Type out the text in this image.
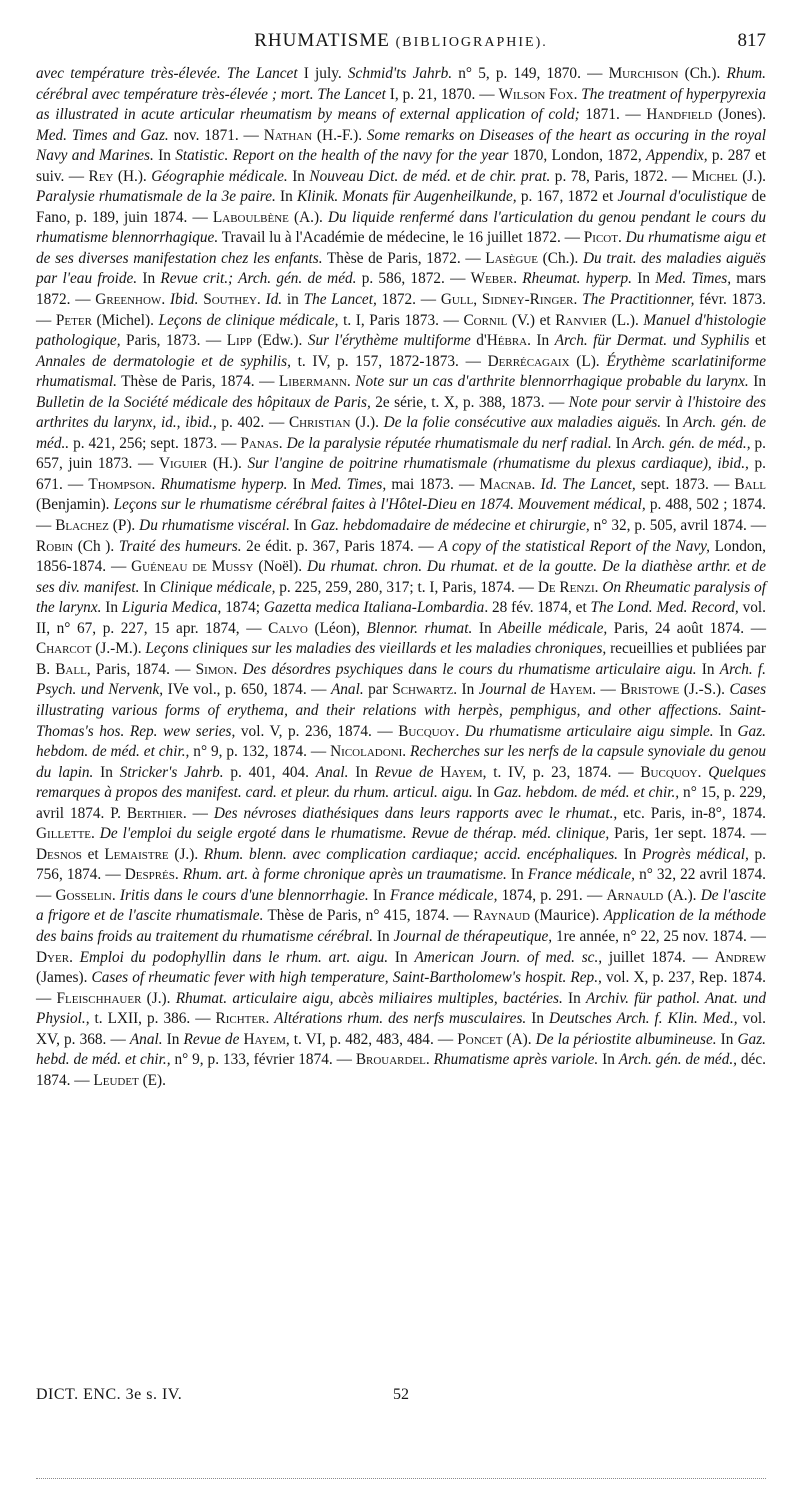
RHUMATISME (BIBLIOGRAPHIE).	817

avec température très-élevée. The Lancet I july. Schmid'ts Jahrb. n° 5, p. 149, 1870. — Murchison (Ch.). Rhum. cérébral avec température très-élevée ; mort. The Lancet I, p. 21, 1870. — Wilson Fox. The treatment of hyperpyrexia as illustrated in acute articular rheumatism by means of external application of cold; 1871. — Handfield (Jones). Med. Times and Gaz. nov. 1871. — Nathan (H.-F.). Some remarks on Diseases of the heart as occuring in the royal Navy and Marines. In Statistic. Report on the health of the navy for the year 1870, London, 1872, Appendix, p. 287 et suiv. — Rey (H.). Géographie médicale. In Nouveau Dict. de méd. et de chir. prat. p. 78, Paris, 1872. — Michel (J.). Paralysie rhumatismale de la 3e paire. In Klinik. Monats für Augenheilkunde, p. 167, 1872 et Journal d'oculistique de Fano, p. 189, juin 1874. — Laboulbène (A.). Du liquide renfermé dans l'articulation du genou pendant le cours du rhumatisme blennorrhagique. Travail lu à l'Académie de médecine, le 16 juillet 1872. — Picot. Du rhumatisme aigu et de ses diverses manifestation chez les enfants. Thèse de Paris, 1872. — Lasègue (Ch.). Du trait. des maladies aiguës par l'eau froide. In Revue crit.; Arch. gén. de méd. p. 586, 1872. — Weber. Rheumat. hyperp. In Med. Times, mars 1872. — Greenhow. Ibid. Southey. Id. in The Lancet, 1872. — Gull, Sidney-Ringer. The Practitionner, févr. 1873. — Peter (Michel). Leçons de clinique médicale, t. I, Paris 1873. — Cornil (V.) et Ranvier (L.). Manuel d'histologie pathologique, Paris, 1873. — Lipp (Edw.). Sur l'érythème multiforme d'Hébra. In Arch. für Dermat. und Syphilis et Annales de dermatologie et de syphilis, t. IV, p. 157, 1872-1873. — Derrécagaix (L). Érythème scarlatiniforme rhumatismal. Thèse de Paris, 1874. — Libermann. Note sur un cas d'arthrite blennorrhagique probable du larynx. In Bulletin de la Société médicale des hôpitaux de Paris, 2e série, t. X, p. 388, 1873. — Note pour servir à l'histoire des arthrites du larynx, id., ibid., p. 402. — Christian (J.). De la folie consécutive aux maladies aiguës. In Arch. gén. de méd.. p. 421, 256; sept. 1873. — Panas. De la paralysie réputée rhumatismale du nerf radial. In Arch. gén. de méd., p. 657, juin 1873. — Viguier (H.). Sur l'angine de poitrine rhumatismale (rhumatisme du plexus cardiaque), ibid., p. 671. — Thompson. Rhumatisme hyperp. In Med. Times, mai 1873. — Macnab. Id. The Lancet, sept. 1873. — Ball (Benjamin). Leçons sur le rhumatisme cérébral faites à l'Hôtel-Dieu en 1874. Mouvement médical, p. 488, 502 ; 1874.— Blachez (P). Du rhumatisme viscéral. In Gaz. hebdomadaire de médecine et chirurgie, n° 32, p. 505, avril 1874. — Robin (Ch ). Traité des humeurs. 2e édit. p. 367, Paris 1874. — A copy of the statistical Report of the Navy, London, 1856-1874. — Guéneau de Mussy (Noël). Du rhumat. chron. Du rhumat. et de la goutte. De la diathèse arthr. et de ses div. manifest. In Clinique médicale, p. 225, 259, 280, 317; t. I, Paris, 1874. — De Renzi. On Rheumatic paralysis of the larynx. In Liguria Medica, 1874; Gazetta medica Italiana-Lombardia. 28 fév. 1874, et The Lond. Med. Record, vol. II, n° 67, p. 227, 15 apr. 1874, — Calvo (Léon), Blennor. rhumat. In Abeille médicale, Paris, 24 août 1874. — Charcot (J.-M.). Leçons cliniques sur les maladies des vieillards et les maladies chroniques, recueillies et publiées par B. Ball, Paris, 1874. — Simon. Des désordres psychiques dans le cours du rhumatisme articulaire aigu. In Arch. f. Psych. und Nervenk, IVe vol., p. 650, 1874. — Anal. par Schwartz. In Journal de Hayem. — Bristowe (J.-S.). Cases illustrating various forms of erythema, and their relations with herpès, pemphigus, and other affections. Saint-Thomas's hos. Rep. wew series, vol. V, p. 236, 1874. — Bucquoy. Du rhumatisme articulaire aigu simple. In Gaz. hebdom. de méd. et chir., n° 9, p. 132, 1874. — Nicoladoni. Recherches sur les nerfs de la capsule synoviale du genou du lapin. In Stricker's Jahrb. p. 401, 404. Anal. In Revue de Hayem, t. IV, p. 23, 1874. — Bucquoy. Quelques remarques à propos des manifest. card. et pleur. du rhum. articul. aigu. In Gaz. hebdom. de méd. et chir., n° 15, p. 229, avril 1874. P. Berthier. — Des névroses diathésiques dans leurs rapports avec le rhumat., etc. Paris, in-8°, 1874. Gillette. De l'emploi du seigle ergoté dans le rhumatisme. Revue de thérap. méd. clinique, Paris, 1er sept. 1874. — Desnos et Lemaistre (J.). Rhum. blenn. avec complication cardiaque; accid. encéphaliques. In Progrès médical, p. 756, 1874. — Després. Rhum. art. à forme chronique après un traumatisme. In France médicale, n° 32, 22 avril 1874. — Gosselin. Iritis dans le cours d'une blennorrhagie. In France médicale, 1874, p. 291. — Arnauld (A.). De l'ascite a frigore et de l'ascite rhumatismale. Thèse de Paris, n° 415, 1874. — Raynaud (Maurice). Application de la méthode des bains froids au traitement du rhumatisme cérébral. In Journal de thérapeutique, 1re année, n° 22, 25 nov. 1874. — Dyer. Emploi du podophyllin dans le rhum. art. aigu. In American Journ. of med. sc., juillet 1874. — Andrew (James). Cases of rheumatic fever with high temperature, Saint-Bartholomew's hospit. Rep., vol. X, p. 237, Rep. 1874. — Fleischhauer (J.). Rhumat. articulaire aigu, abcès miliaires multiples, bactéries. In Archiv. für pathol. Anat. und Physiol., t. LXII, p. 386. — Richter. Altérations rhum. des nerfs musculaires. In Deutsches Arch. f. Klin. Med., vol. XV, p. 368. — Anal. In Revue de Hayem, t. VI, p. 482, 483, 484. — Poncet (A). De la périostite albumineuse. In Gaz. hebd. de méd. et chir., n° 9, p. 133, février 1874. — Brouardel. Rhumatisme après variole. In Arch. gén. de méd., déc. 1874. — Leudet (E).

DICT. ENC. 3e s. IV.	52
